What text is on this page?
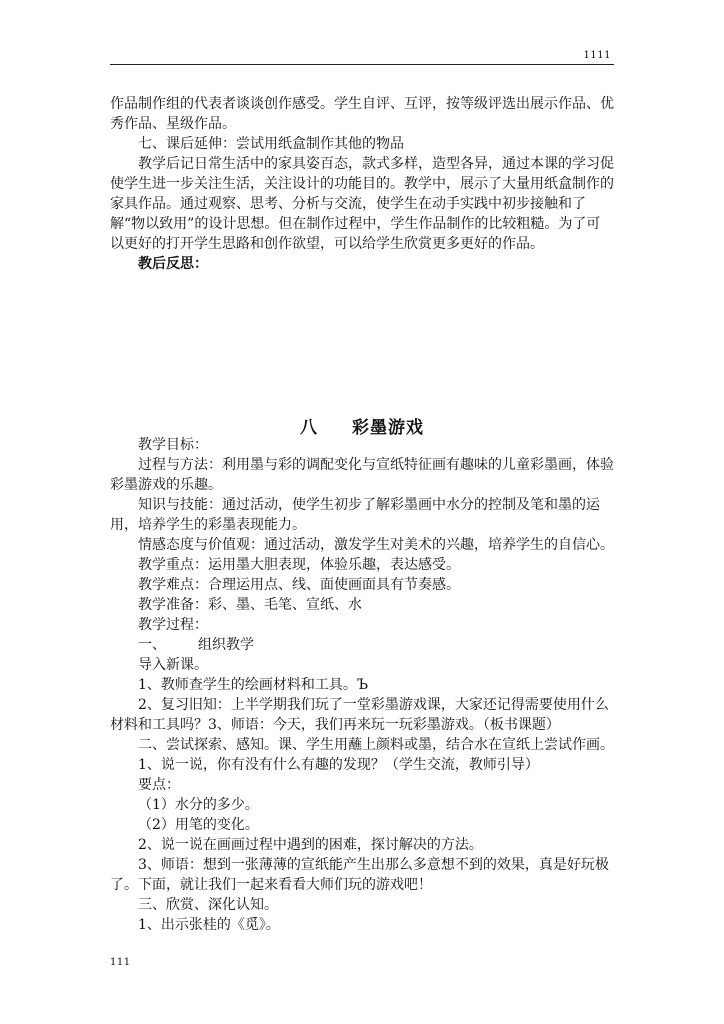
1111

作品制作组的代表者谈谈创作感受。学生自评、互评，按等级评选出展示作品、优秀作品、星级作品。

七、课后延伸：尝试用纸盒制作其他的物品

教学后记日常生活中的家具姿百态，款式多样，造型各异，通过本课的学习促使学生进一步关注生活，关注设计的功能目的。教学中，展示了大量用纸盒制作的家具作品。通过观察、思考、分析与交流，使学生在动手实践中初步接触和了解“物以致用”的设计思想。但在制作过程中，学生作品制作的比较粗糙。为了可以更好的打开学生思路和创作欲望，可以给学生欣赏更多更好的作品。

教后反思：

八 彩墨游戏

教学目标：

过程与方法：利用墨与彩的调配变化与宣纸特征画有趣味的儿童彩墨画，体验彩墨游戏的乐趣。

知识与技能：通过活动，使学生初步了解彩墨画中水分的控制及笔和墨的运用，培养学生的彩墨表现能力。

情感态度与价值观：通过活动，激发学生对美术的兴趣，培养学生的自信心。

教学重点：运用墨大胆表现，体验乐趣，表达感受。

教学难点：合理运用点、线、面使画面具有节奏感。

教学准备：彩、墨、毛笔、宣纸、水

教学过程：

一、 组织教学

导入新课。

1、教师查学生的绘画材料和工具。Ъ

2、复习旧知：上半学期我们玩了一堂彩墨游戏课，大家还记得需要使用什么材料和工具吗？3、师语：今天，我们再来玩一玩彩墨游戏。（板书课题）

二、尝试探索、感知。课、学生用蘸上颜料或墨，结合水在宣纸上尝试作画。

1、说一说，你有没有什么有趣的发现？（学生交流，教师引导）

要点：

（1）水分的多少。

（2）用笔的变化。

2、说一说在画画过程中遇到的困难，探讨解决的方法。

3、师语：想到一张薄薄的宣纸能产生出那么多意想不到的效果，真是好玩极了。下面，就让我们一起来看看大师们玩的游戏吧！

三、欣赏、深化认知。

1、出示张桂的《觅》。

111
